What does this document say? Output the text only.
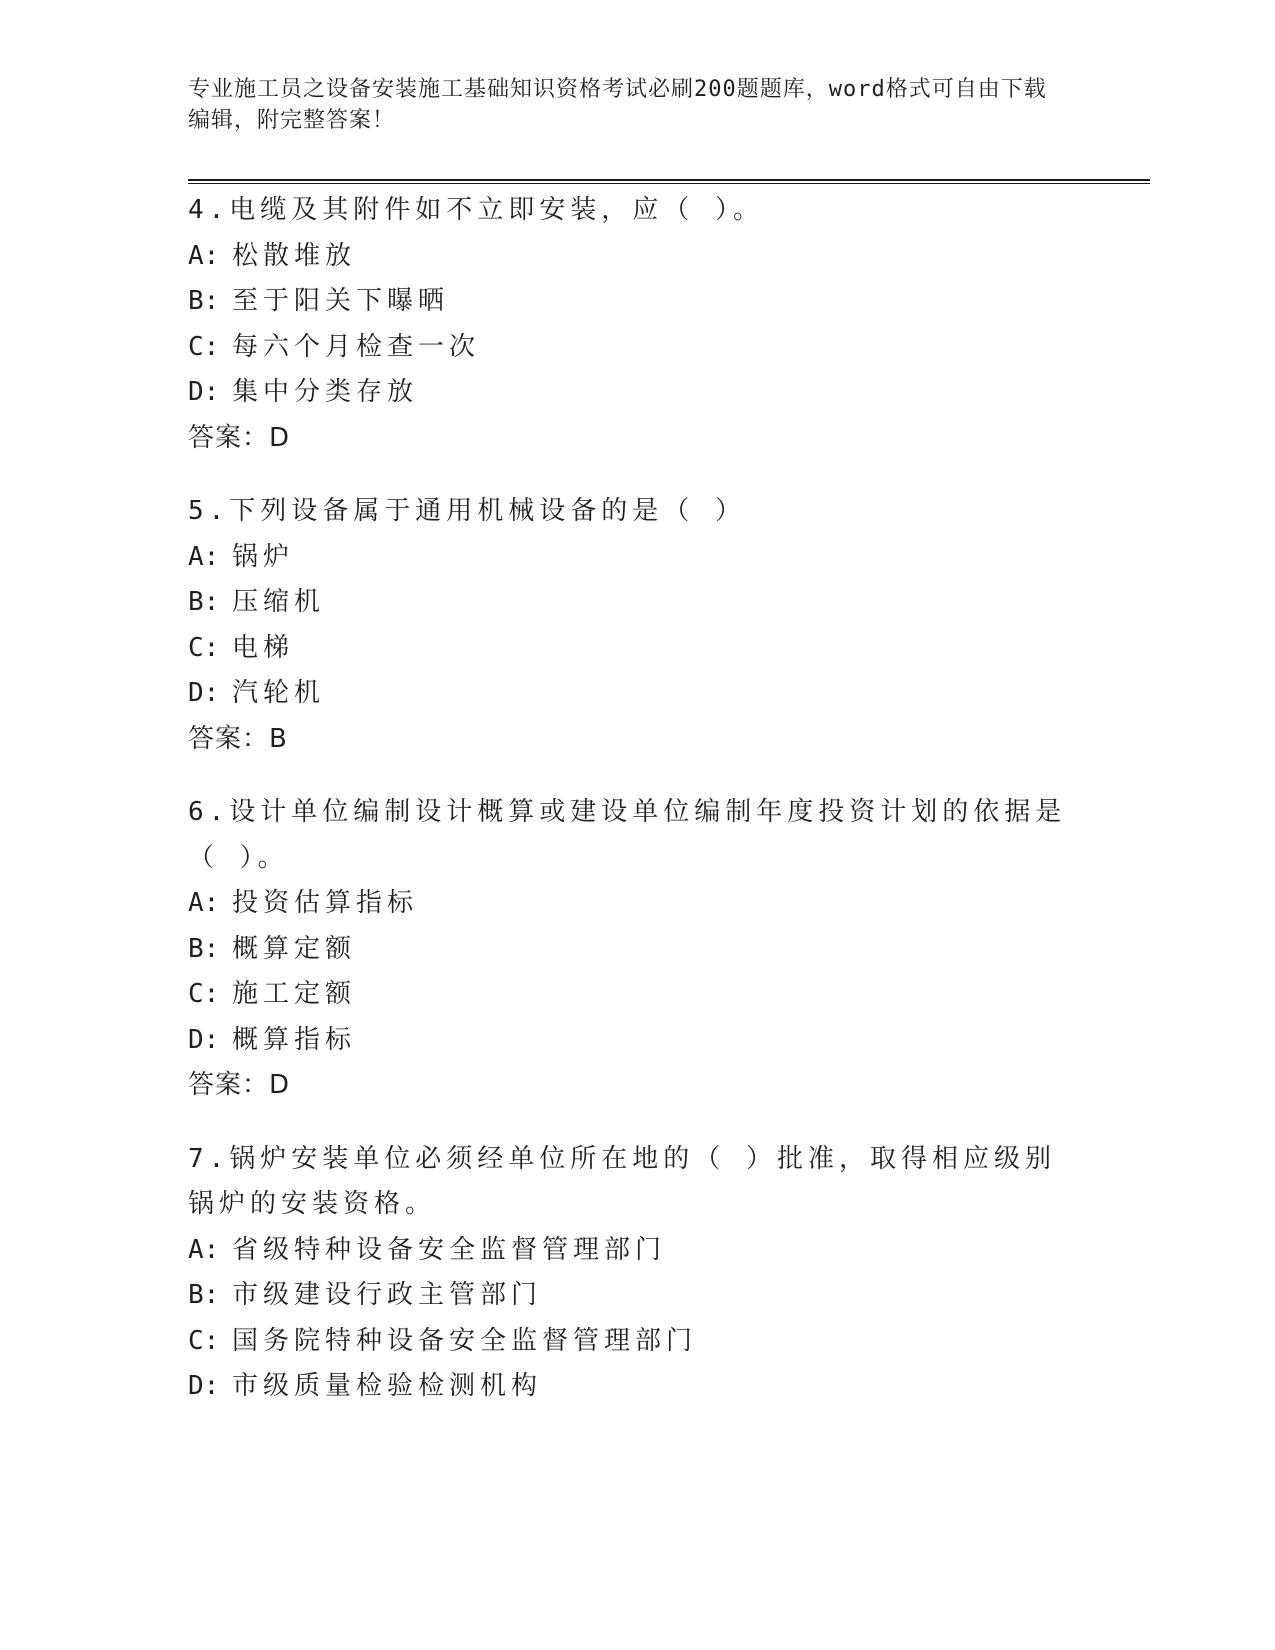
专业施工员之设备安装施工基础知识资格考试必刷200题题库，word格式可自由下载编辑，附完整答案！
4.电缆及其附件如不立即安装，应（ ）。
A: 松散堆放
B: 至于阳关下曝晒
C: 每六个月检查一次
D: 集中分类存放
答案：D
5.下列设备属于通用机械设备的是（ ）
A: 锅炉
B: 压缩机
C: 电梯
D: 汽轮机
答案：B
6.设计单位编制设计概算或建设单位编制年度投资计划的依据是（ ）。
A: 投资估算指标
B: 概算定额
C: 施工定额
D: 概算指标
答案：D
7.锅炉安装单位必须经单位所在地的（ ）批准，取得相应级别锅炉的安装资格。
A: 省级特种设备安全监督管理部门
B: 市级建设行政主管部门
C: 国务院特种设备安全监督管理部门
D: 市级质量检验检测机构
